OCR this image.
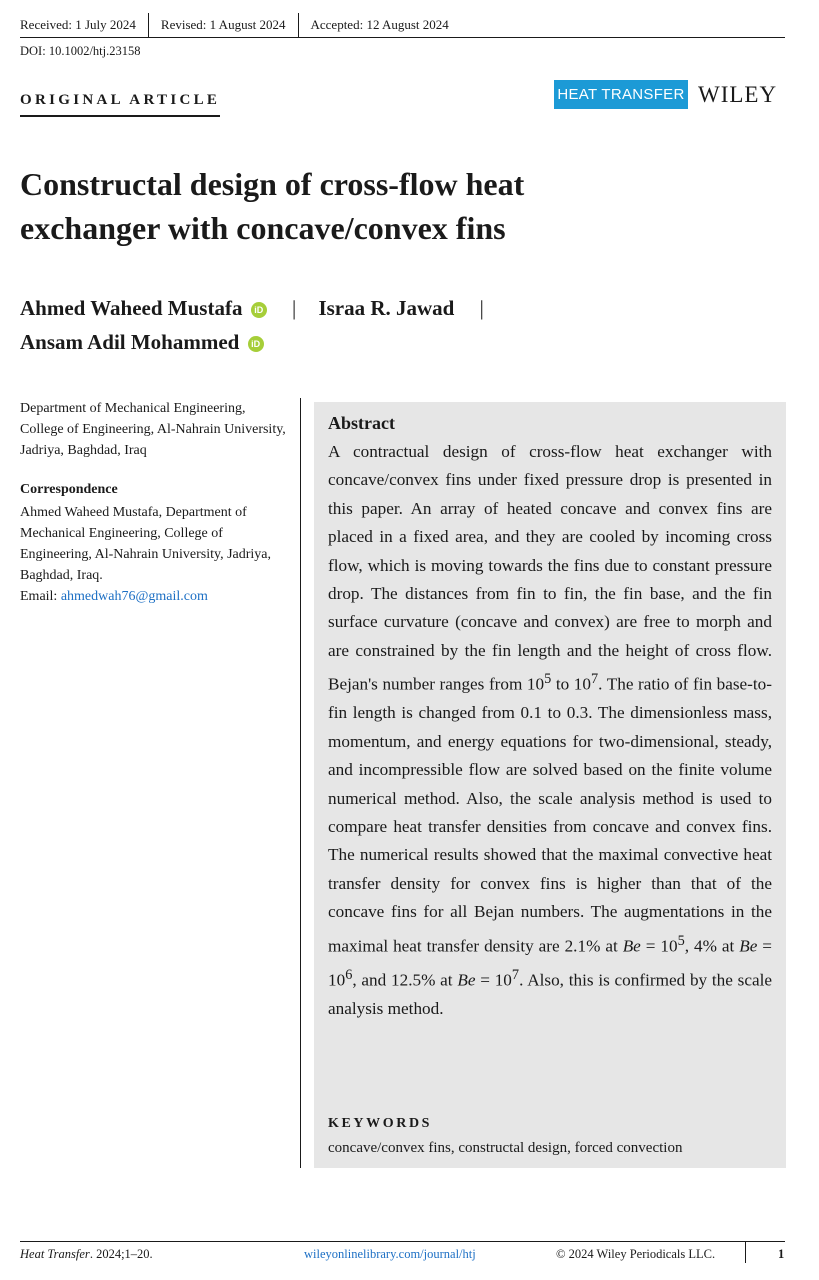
Received: 1 July 2024	Revised: 1 August 2024	Accepted: 12 August 2024
DOI: 10.1002/htj.23158
ORIGINAL ARTICLE	HEAT TRANSFER WILEY
Constructal design of cross-flow heat
exchanger with concave/convex fins
Ahmed Waheed Mustafa iD | Israa R. Jawad |
Ansam Adil Mohammed iD
Department of Mechanical Engineering, College of Engineering, Al-Nahrain University, Jadriya, Baghdad, Iraq
Correspondence
Ahmed Waheed Mustafa, Department of Mechanical Engineering, College of Engineering, Al-Nahrain University, Jadriya, Baghdad, Iraq.
Email: ahmedwah76@gmail.com
Abstract

A contractual design of cross-flow heat exchanger with concave/convex fins under fixed pressure drop is presented in this paper. An array of heated concave and convex fins are placed in a fixed area, and they are cooled by incoming cross flow, which is moving towards the fins due to constant pressure drop. The distances from fin to fin, the fin base, and the fin surface curvature (concave and convex) are free to morph and are constrained by the fin length and the height of cross flow. Bejan's number ranges from $10^5$ to $10^7$. The ratio of fin base-to-fin length is changed from 0.1 to 0.3. The dimensionless mass, momentum, and energy equations for two-dimensional, steady, and incompressible flow are solved based on the finite volume numerical method. Also, the scale analysis method is used to compare heat transfer densities from concave and convex fins. The numerical results showed that the maximal convective heat transfer density for convex fins is higher than that of the concave fins for all Bejan numbers. The augmentations in the maximal heat transfer density are 2.1% at $Be = 10^5$, 4% at $Be = 10^6$, and 12.5% at $Be = 10^7$. Also, this is confirmed by the scale analysis method.

KEYWORDS
concave/convex fins, constructal design, forced convection
Heat Transfer. 2024;1–20.	wileyonlinelibrary.com/journal/htj	© 2024 Wiley Periodicals LLC.	1
